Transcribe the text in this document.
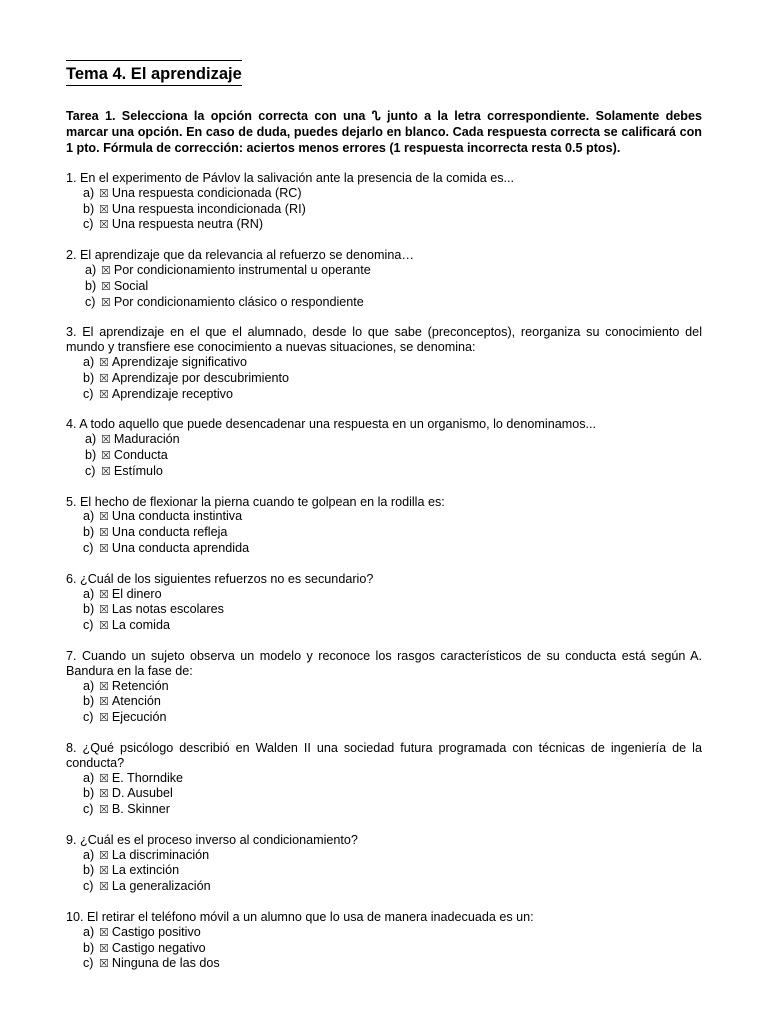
Tema 4. El aprendizaje
Tarea 1. Selecciona la opción correcta con una ᔐ junto a la letra correspondiente. Solamente debes marcar una opción. En caso de duda, puedes dejarlo en blanco. Cada respuesta correcta se calificará con 1 pto. Fórmula de corrección: aciertos menos errores (1 respuesta incorrecta resta 0.5 ptos).
1. En el experimento de Pávlov la salivación ante la presencia de la comida es...
a) ☒ Una respuesta condicionada (RC)
b) ☒ Una respuesta incondicionada (RI)
c) ☒ Una respuesta neutra (RN)
2. El aprendizaje que da relevancia al refuerzo se denomina…
a) ☒ Por condicionamiento instrumental u operante
b) ☒ Social
c) ☒ Por condicionamiento clásico o respondiente
3. El aprendizaje en el que el alumnado, desde lo que sabe (preconceptos), reorganiza su conocimiento del mundo y transfiere ese conocimiento a nuevas situaciones, se denomina:
a) ☒ Aprendizaje significativo
b) ☒ Aprendizaje por descubrimiento
c) ☒ Aprendizaje receptivo
4. A todo aquello que puede desencadenar una respuesta en un organismo, lo denominamos...
a) ☒ Maduración
b) ☒ Conducta
c) ☒ Estímulo
5. El hecho de flexionar la pierna cuando te golpean en la rodilla es:
a) ☒ Una conducta instintiva
b) ☒ Una conducta refleja
c) ☒ Una conducta aprendida
6. ¿Cuál de los siguientes refuerzos no es secundario?
a) ☒ El dinero
b) ☒ Las notas escolares
c) ☒ La comida
7. Cuando un sujeto observa un modelo y reconoce los rasgos característicos de su conducta está según A. Bandura en la fase de:
a) ☒ Retención
b) ☒ Atención
c) ☒ Ejecución
8. ¿Qué psicólogo describió en Walden II una sociedad futura programada con técnicas de ingeniería de la conducta?
a) ☒ E. Thorndike
b) ☒ D. Ausubel
c) ☒ B. Skinner
9. ¿Cuál es el proceso inverso al condicionamiento?
a) ☒ La discriminación
b) ☒ La extinción
c) ☒ La generalización
10. El retirar el teléfono móvil a un alumno que lo usa de manera inadecuada es un:
a) ☒ Castigo positivo
b) ☒ Castigo negativo
c) ☒ Ninguna de las dos
